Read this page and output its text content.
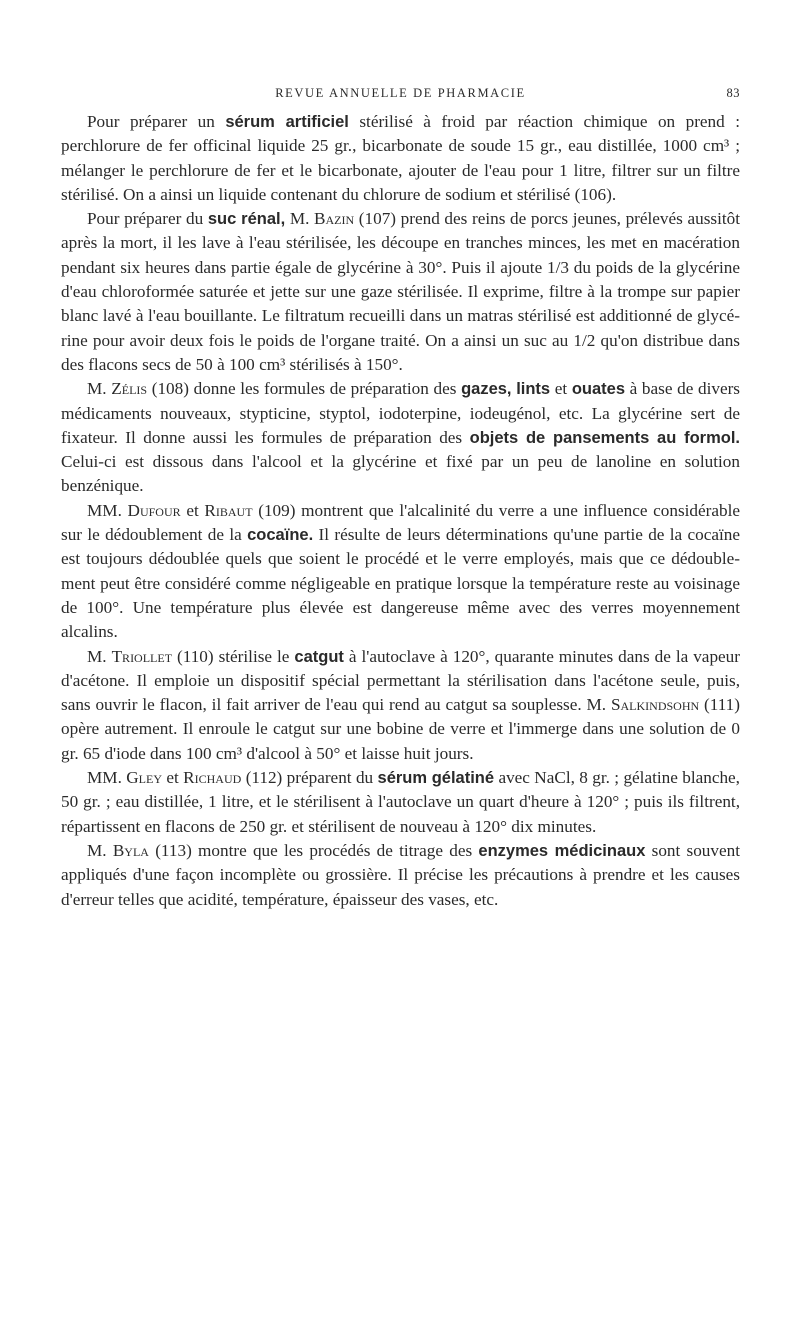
REVUE ANNUELLE DE PHARMACIE	83

Pour préparer un sérum artificiel stérilisé à froid par réaction chimique on prend : perchlorure de fer officinal liquide 25 gr., bicarbonate de soude 15 gr., eau distillée, 1000 cm³ ; mélanger le perchlorure de fer et le bicarbonate, ajouter de l'eau pour 1 litre, filtrer sur un filtre stérilisé. On a ainsi un liquide contenant du chlorure de sodium et stérilisé (106).

Pour préparer du suc rénal, M. Bazin (107) prend des reins de porcs jeunes, prélevés aussitôt après la mort, il les lave à l'eau stérilisée, les découpe en tranches minces, les met en macération pendant six heures dans partie égale de glycérine à 30°. Puis il ajoute 1/3 du poids de la glycérine d'eau chloroformée saturée et jette sur une gaze stérilisée. Il exprime, filtre à la trompe sur papier blanc lavé à l'eau bouillante. Le filtratum recueilli dans un matras stérilisé est additionné de glycérine pour avoir deux fois le poids de l'organe traité. On a ainsi un suc au 1/2 qu'on distribue dans des flacons secs de 50 à 100 cm³ stérilisés à 150°.

M. Zélis (108) donne les formules de préparation des gazes, lints et ouates à base de divers médicaments nouveaux, stypticine, styptol, iodoterpine, iodeugénol, etc. La glycérine sert de fixateur. Il donne aussi les formules de préparation des objets de pansements au formol. Celui-ci est dissous dans l'alcool et la glycérine et fixé par un peu de lanoline en solution benzénique.

MM. Dufour et Ribaut (109) montrent que l'alcalinité du verre a une influence considérable sur le dédoublement de la cocaïne. Il résulte de leurs déterminations qu'une partie de la cocaïne est toujours dédoublée quels que soient le procédé et le verre employés, mais que ce dédoublement peut être considéré comme négligeable en pratique lorsque la température reste au voisinage de 100°. Une température plus élevée est dangereuse même avec des verres moyennement alcalins.

M. Triollet (110) stérilise le catgut à l'autoclave à 120°, quarante minutes dans de la vapeur d'acétone. Il emploie un dispositif spécial permettant la stérilisation dans l'acétone seule, puis, sans ouvrir le flacon, il fait arriver de l'eau qui rend au catgut sa souplesse. M. Salkindsohn (111) opère autrement. Il enroule le catgut sur une bobine de verre et l'immerge dans une solution de 0 gr. 65 d'iode dans 100 cm³ d'alcool à 50° et laisse huit jours.

MM. Gley et Richaud (112) préparent du sérum gélatiné avec NaCl, 8 gr. ; gélatine blanche, 50 gr. ; eau distillée, 1 litre, et le stérilisent à l'autoclave un quart d'heure à 120° ; puis ils filtrent, répartissent en flacons de 250 gr. et stérilisent de nouveau à 120° dix minutes.

M. Byla (113) montre que les procédés de titrage des enzymes médicinaux sont souvent appliqués d'une façon incomplète ou grossière. Il précise les précautions à prendre et les causes d'erreur telles que acidité, température, épaisseur des vases, etc.
